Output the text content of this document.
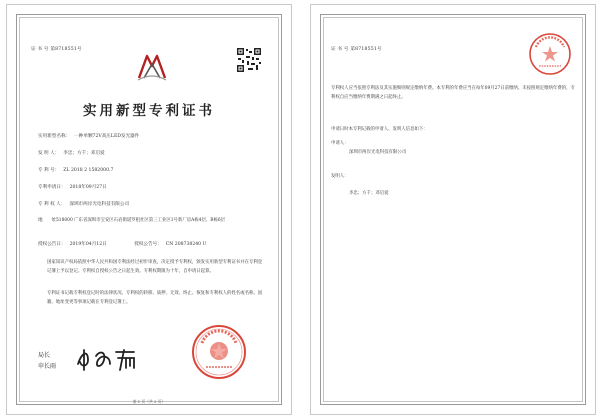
证 书 号 第8718551号
实用新型专利证书
实用新型名称： 一种单颗72V高压LED发光器件
发 明 人： 李忠；方千；邓启爱
专 利 号： ZL 2018 2 1582000.7
专利申请日： 2018年09月27日
专 利 权 人： 深圳市两岸光电科技有限公司
地　　址：
518000 广东省深圳市宝安区石岩街道罗租社区第三工业区1号新厂房A栋4层、B栋6层
授权公告日： 2019年04月12日	授权公告号： CN 208738240 U
国家知识产权局依照中华人民共和国专利法经过初步审查，决定授予专利权，颁发实用新型专利证书并在专利登记簿上予以登记。专利权自授权公告之日起生效。专利权期限为十年，自申请日起算。
专利证书记载专利权登记时的法律状况。专利权的转移、质押、无效、终止、恢复和专利权人的姓名或名称、国籍、地址变更等事项记载在专利登记簿上。
局长
申长雨
第 1 页（共 2 页）
证 书 号 第8718551号
专利权人应当依照专利法及其实施细则规定缴纳年费。本专利的年费应当在每年09月27日前缴纳。未按照规定缴纳年费的，专利权自应当缴纳年费期满之日起终止。
申请日时本专利记载的申请人、发明人信息如下：
申请人：
深圳市两岸光电科技有限公司
发明人：
李忠；方千；邓启爱
